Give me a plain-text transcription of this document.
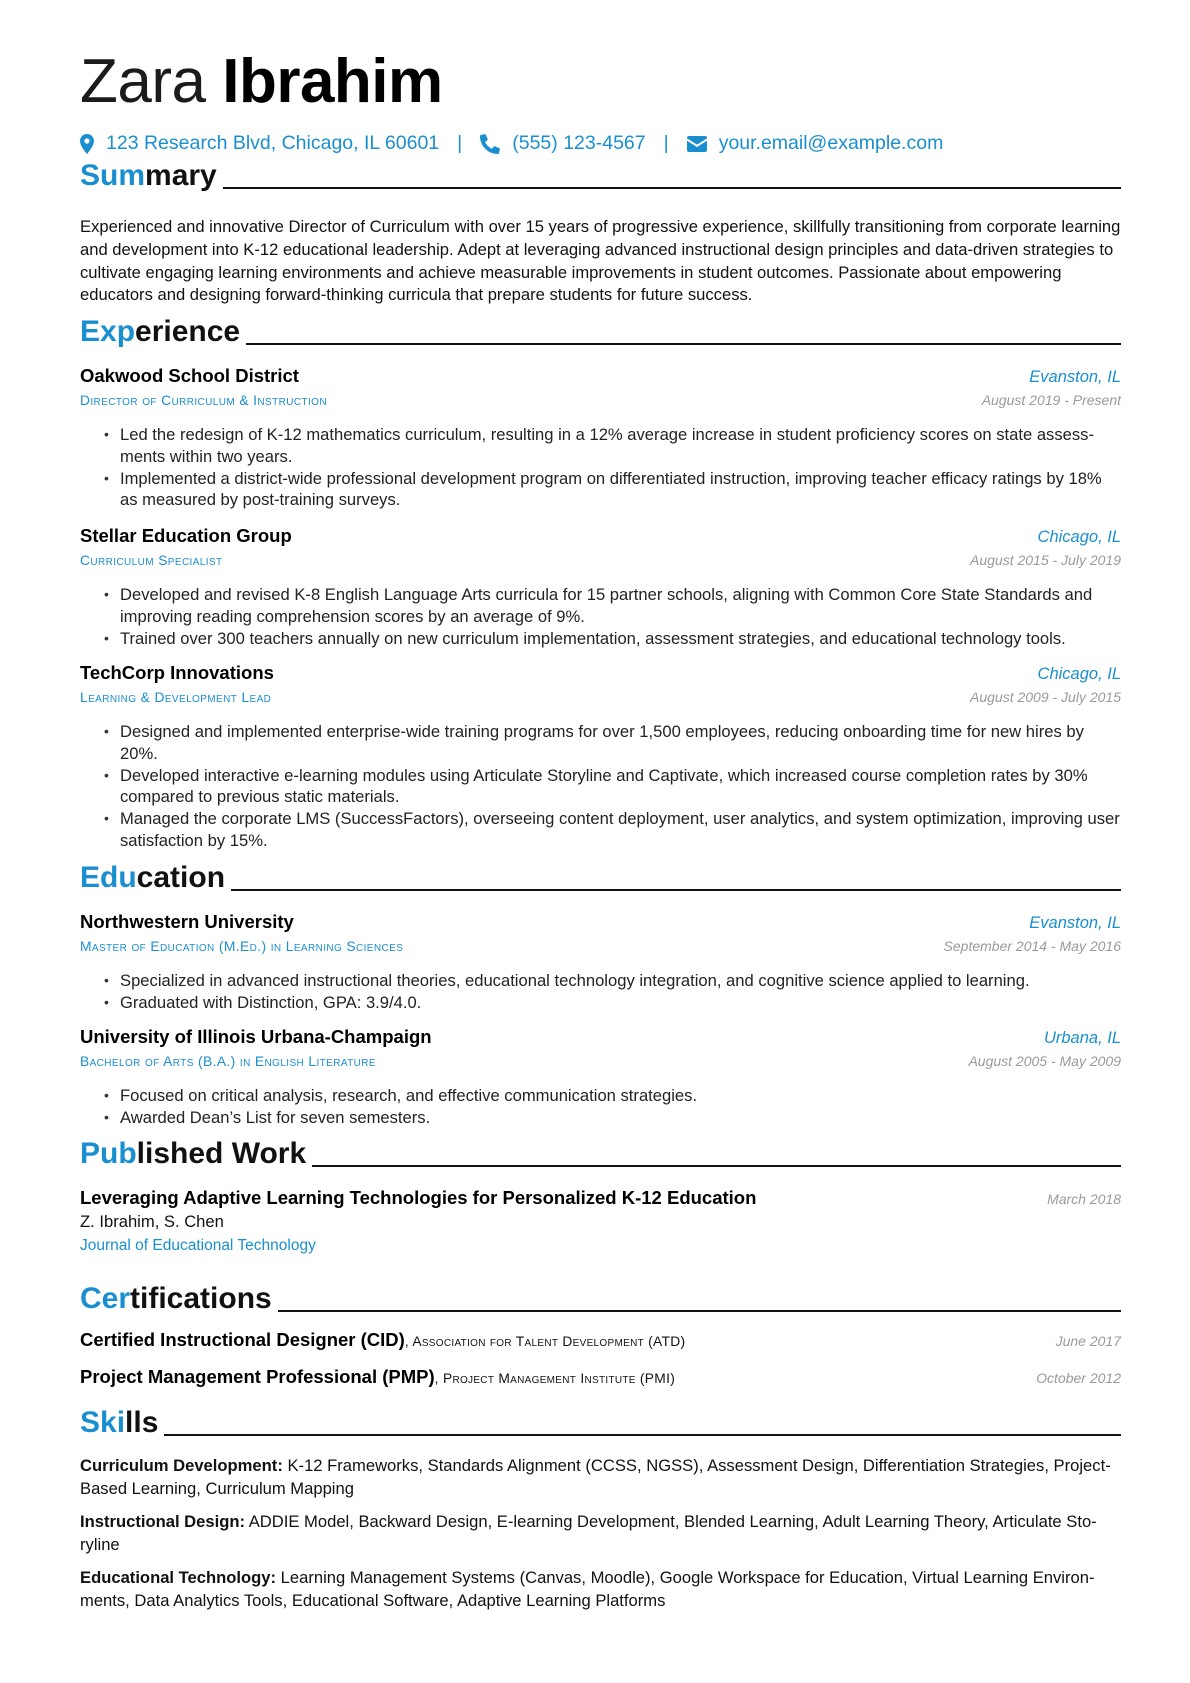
Zara Ibrahim
123 Research Blvd, Chicago, IL 60601 |	(555) 123-4567 |	your.email@example.com
Summary
Experienced and innovative Director of Curriculum with over 15 years of progressive experience, skillfully transitioning from corporate learning and development into K-12 educational leadership. Adept at leveraging advanced instructional design principles and data-driven strategies to cultivate engaging learning environments and achieve measurable improvements in student outcomes. Passionate about empowering educators and designing forward-thinking curricula that prepare students for future success.
Experience
Oakwood School District	Evanston, IL
Director of Curriculum & Instruction	August 2019 - Present
• Led the redesign of K-12 mathematics curriculum, resulting in a 12% average increase in student proficiency scores on state assess-ments within two years.
• Implemented a district-wide professional development program on differentiated instruction, improving teacher efficacy ratings by 18% as measured by post-training surveys.
Stellar Education Group	Chicago, IL
Curriculum Specialist	August 2015 - July 2019
• Developed and revised K-8 English Language Arts curricula for 15 partner schools, aligning with Common Core State Standards and improving reading comprehension scores by an average of 9%.
• Trained over 300 teachers annually on new curriculum implementation, assessment strategies, and educational technology tools.
TechCorp Innovations	Chicago, IL
Learning & Development Lead	August 2009 - July 2015
• Designed and implemented enterprise-wide training programs for over 1,500 employees, reducing onboarding time for new hires by 20%.
• Developed interactive e-learning modules using Articulate Storyline and Captivate, which increased course completion rates by 30% compared to previous static materials.
• Managed the corporate LMS (SuccessFactors), overseeing content deployment, user analytics, and system optimization, improving user satisfaction by 15%.
Education
Northwestern University	Evanston, IL
Master of Education (M.Ed.) in Learning Sciences	September 2014 - May 2016
• Specialized in advanced instructional theories, educational technology integration, and cognitive science applied to learning.
• Graduated with Distinction, GPA: 3.9/4.0.
University of Illinois Urbana-Champaign	Urbana, IL
Bachelor of Arts (B.A.) in English Literature	August 2005 - May 2009
• Focused on critical analysis, research, and effective communication strategies.
• Awarded Dean’s List for seven semesters.
Published Work
Leveraging Adaptive Learning Technologies for Personalized K-12 Education	March 2018
Z. Ibrahim, S. Chen
Journal of Educational Technology
Certifications
Certified Instructional Designer (CID), Association for Talent Development (ATD)	June 2017
Project Management Professional (PMP), Project Management Institute (PMI)	October 2012
Skills
Curriculum Development: K-12 Frameworks, Standards Alignment (CCSS, NGSS), Assessment Design, Differentiation Strategies, Project-Based Learning, Curriculum Mapping
Instructional Design: ADDIE Model, Backward Design, E-learning Development, Blended Learning, Adult Learning Theory, Articulate Sto-ryline
Educational Technology: Learning Management Systems (Canvas, Moodle), Google Workspace for Education, Virtual Learning Environ-ments, Data Analytics Tools, Educational Software, Adaptive Learning Platforms
